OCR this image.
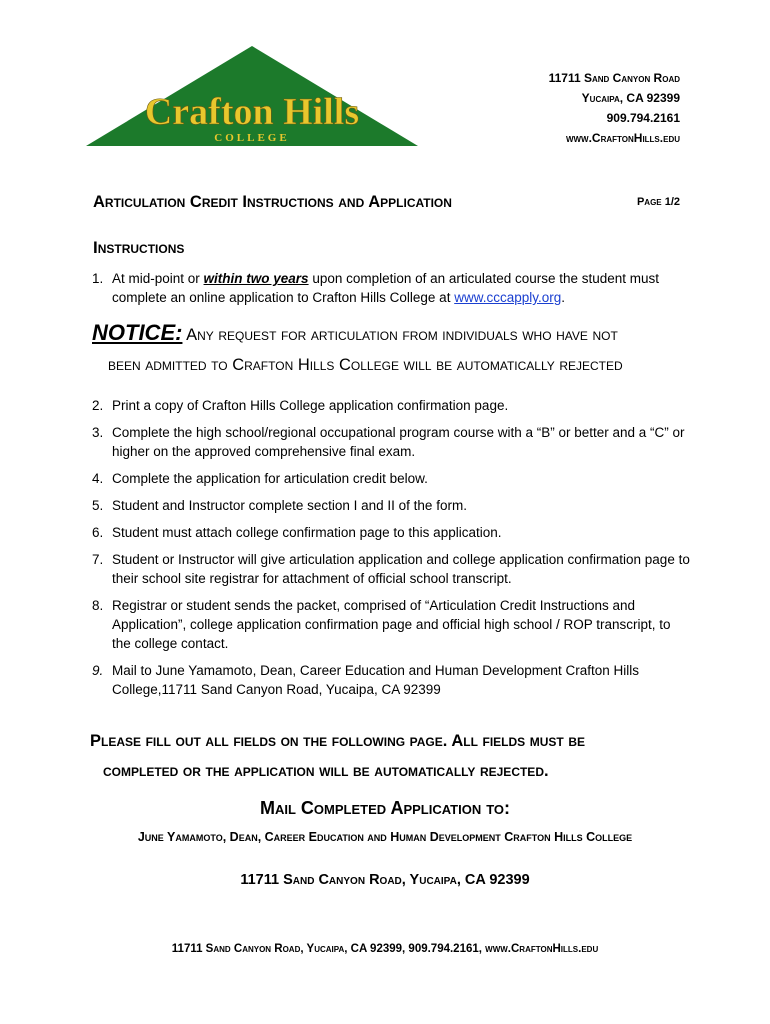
Crafton Hills
COLLEGE
11711 Sand Canyon Road
Yucaipa, CA 92399
909.794.2161
www.CraftonHills.edu
Articulation Credit Instructions and Application	Page 1/2
Instructions
1. At mid-point or within two years upon completion of an articulated course the student must complete an online application to Crafton Hills College at www.cccapply.org.
NOTICE: Any request for articulation from individuals who have not
been admitted to Crafton Hills College will be automatically rejected
2. Print a copy of Crafton Hills College application confirmation page.
3. Complete the high school/regional occupational program course with a “B” or better and a “C” or higher on the approved comprehensive final exam.
4. Complete the application for articulation credit below.
5. Student and Instructor complete section I and II of the form.
6. Student must attach college confirmation page to this application.
7. Student or Instructor will give articulation application and college application confirmation page to their school site registrar for attachment of official school transcript.
8. Registrar or student sends the packet, comprised of “Articulation Credit Instructions and Application”, college application confirmation page and official high school / ROP transcript, to the college contact.
9. Mail to June Yamamoto, Dean, Career Education and Human Development Crafton Hills College,11711 Sand Canyon Road, Yucaipa, CA 92399
Please fill out all fields on the following page. All fields must be
completed or the application will be automatically rejected.
Mail Completed Application to:
June Yamamoto, Dean, Career Education and Human Development Crafton Hills College
11711 Sand Canyon Road, Yucaipa, CA 92399
11711 Sand Canyon Road, Yucaipa, CA 92399, 909.794.2161, www.CraftonHills.edu
